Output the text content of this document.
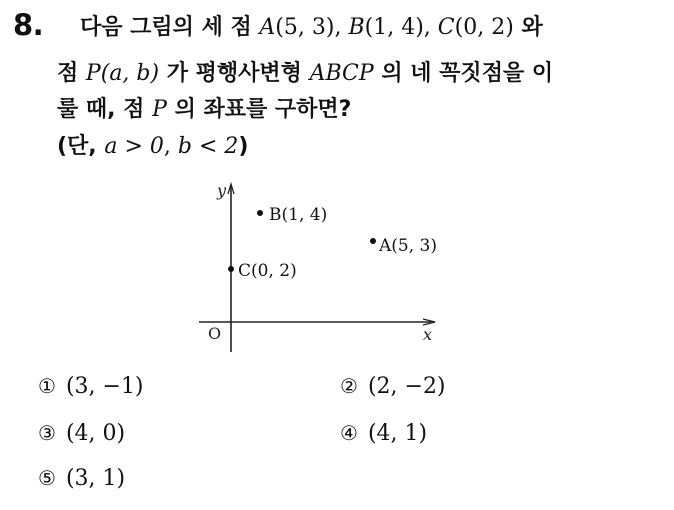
8. 다음 그림의 세 점 A(5, 3), B(1, 4), C(0, 2) 와
점 P(a, b) 가 평행사변형 ABCP 의 네 꼭짓점을 이
룰 때, 점 P 의 좌표를 구하면?
(단, a > 0, b < 2)
y
x
O
B(1, 4)
A(5, 3)
C(0, 2)
① (3, −1)	② (2, −2)
③ (4, 0)	④ (4, 1)
⑤ (3, 1)
